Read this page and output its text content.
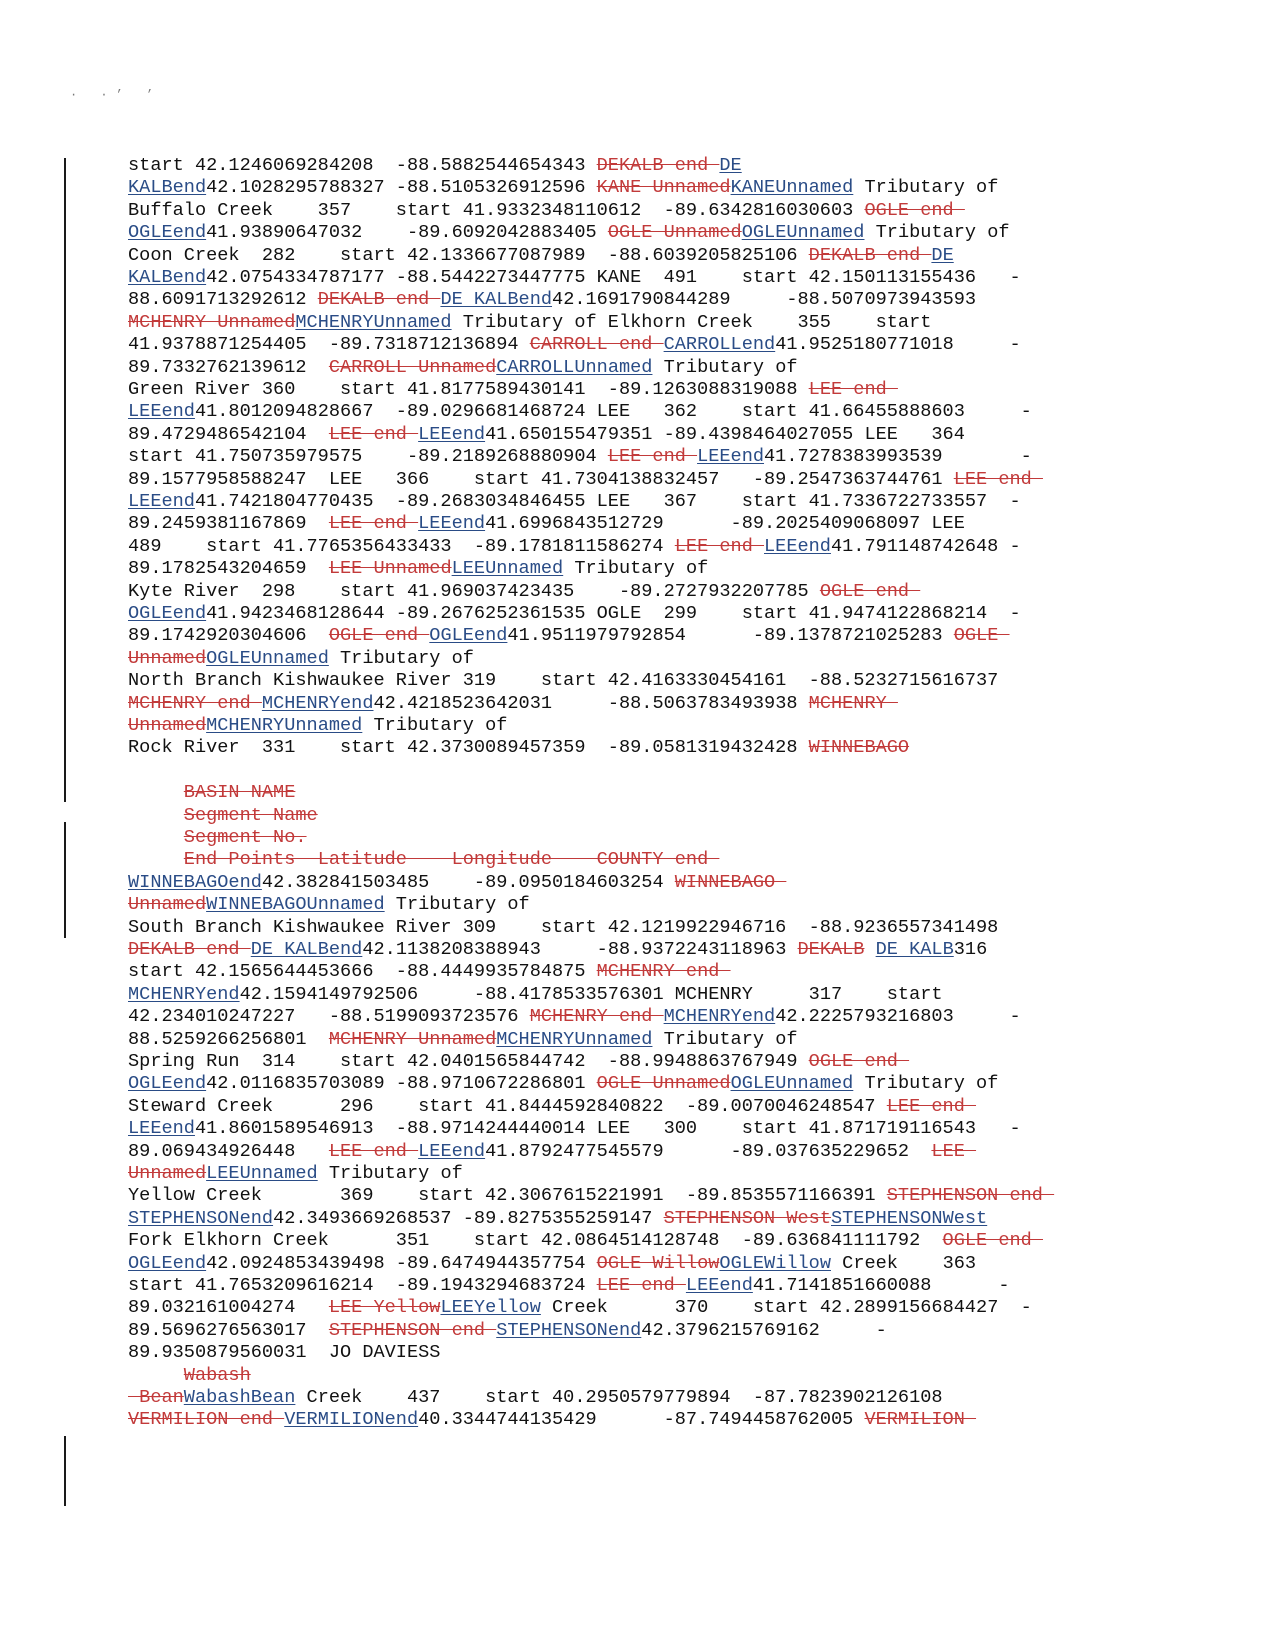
· ·’ ’
start 42.1246069284208  -88.5882544654343 DEKALB end DE
KALBend42.1028295788327 -88.5105326912596 KANE UnnamedKANEUnnamed Tributary of
Buffalo Creek    357    start 41.9332348110612  -89.6342816030603 OGLE end
OGLEend41.93890647032    -89.6092042883405 OGLE UnnamedOGLEUnnamed Tributary of
Coon Creek  282    start 42.1336677087989  -88.6039205825106 DEKALB end DE
KALBend42.0754334787177 -88.5442273447775 KANE  491    start 42.150113155436   -
88.6091713292612 DEKALB end DE KALBend42.1691790844289     -88.5070973943593
MCHENRY UnnamedMCHENRYUnnamed Tributary of Elkhorn Creek    355    start
41.9378871254405  -89.7318712136894 CARROLL end CARROLLend41.9525180771018     -
89.7332762139612  CARROLL UnnamedCARROLLUnnamed Tributary of
Green River 360    start 41.8177589430141  -89.1263088319088 LEE end
LEEend41.8012094828667  -89.0296681468724 LEE   362    start 41.66455888603     -
89.4729486542104  LEE end LEEend41.650155479351 -89.4398464027055 LEE   364
start 41.750735979575    -89.2189268880904 LEE end LEEend41.7278383993539       -
89.1577958588247  LEE   366    start 41.7304138832457   -89.2547363744761 LEE end
LEEend41.7421804770435  -89.2683034846455 LEE   367    start 41.7336722733557  -
89.2459381167869  LEE end LEEend41.6996843512729      -89.2025409068097 LEE
489    start 41.7765356433433  -89.1781811586274 LEE end LEEend41.791148742648 -
89.1782543204659  LEE UnnamedLEEUnnamed Tributary of
Kyte River  298    start 41.969037423435    -89.2727932207785 OGLE end
OGLEend41.9423468128644 -89.2676252361535 OGLE  299    start 41.9474122868214  -
89.1742920304606  OGLE end OGLEend41.9511979792854      -89.1378721025283 OGLE
UnnamedOGLEUnnamed Tributary of
North Branch Kishwaukee River 319    start 42.4163330454161  -88.5232715616737
MCHENRY end MCHENRYend42.4218523642031     -88.5063783493938 MCHENRY
UnnamedMCHENRYUnnamed Tributary of
Rock River  331    start 42.3730089457359  -89.0581319432428 WINNEBAGO
BASIN NAME
Segment Name
Segment No.
End Points  Latitude    Longitude    COUNTY end
WINNEBAGOend42.382841503485    -89.0950184603254 WINNEBAGO
UnnamedWINNEBAGOUnnamed Tributary of
South Branch Kishwaukee River 309    start 42.1219922946716  -88.9236557341498
DEKALB end DE KALBend42.1138208388943     -88.9372243118963 DEKALB DE KALB316
start 42.1565644453666  -88.4449935784875 MCHENRY end
MCHENRYend42.1594149792506     -88.4178533576301 MCHENRY     317    start
42.234010247227   -88.5199093723576 MCHENRY end MCHENRYend42.2225793216803     -
88.5259266256801  MCHENRY UnnamedMCHENRYUnnamed Tributary of
Spring Run  314    start 42.0401565844742  -88.9948863767949 OGLE end
OGLEend42.0116835703089 -88.9710672286801 OGLE UnnamedOGLEUnnamed Tributary of
Steward Creek      296    start 41.8444592840822  -89.0070046248547 LEE end
LEEend41.8601589546913  -88.9714244440014 LEE   300    start 41.871719116543   -
89.069434926448   LEE end LEEend41.8792477545579      -89.037635229652  LEE
UnnamedLEEUnnamed Tributary of
Yellow Creek       369    start 42.3067615221991  -89.8535571166391 STEPHENSON end
STEPHENSONend42.3493669268537 -89.8275355259147 STEPHENSON WestSTEPHENSONWest
Fork Elkhorn Creek      351    start 42.0864514128748  -89.636841111792  OGLE end
OGLEend42.0924853439498 -89.6474944357754 OGLE WillowOGLEWillow Creek    363
start 41.7653209616214  -89.1943294683724 LEE end LEEend41.7141851660088      -
89.032161004274   LEE YellowLEEYellow Creek      370    start 42.2899156684427  -
89.5696276563017  STEPHENSON end STEPHENSONend42.3796215769162     -
89.9350879560031  JO DAVIESS
Wabash
BeanWabashBean Creek    437    start 40.2950579779894  -87.7823902126108
VERMILION end VERMILIONend40.3344744135429      -87.7494458762005 VERMILION
